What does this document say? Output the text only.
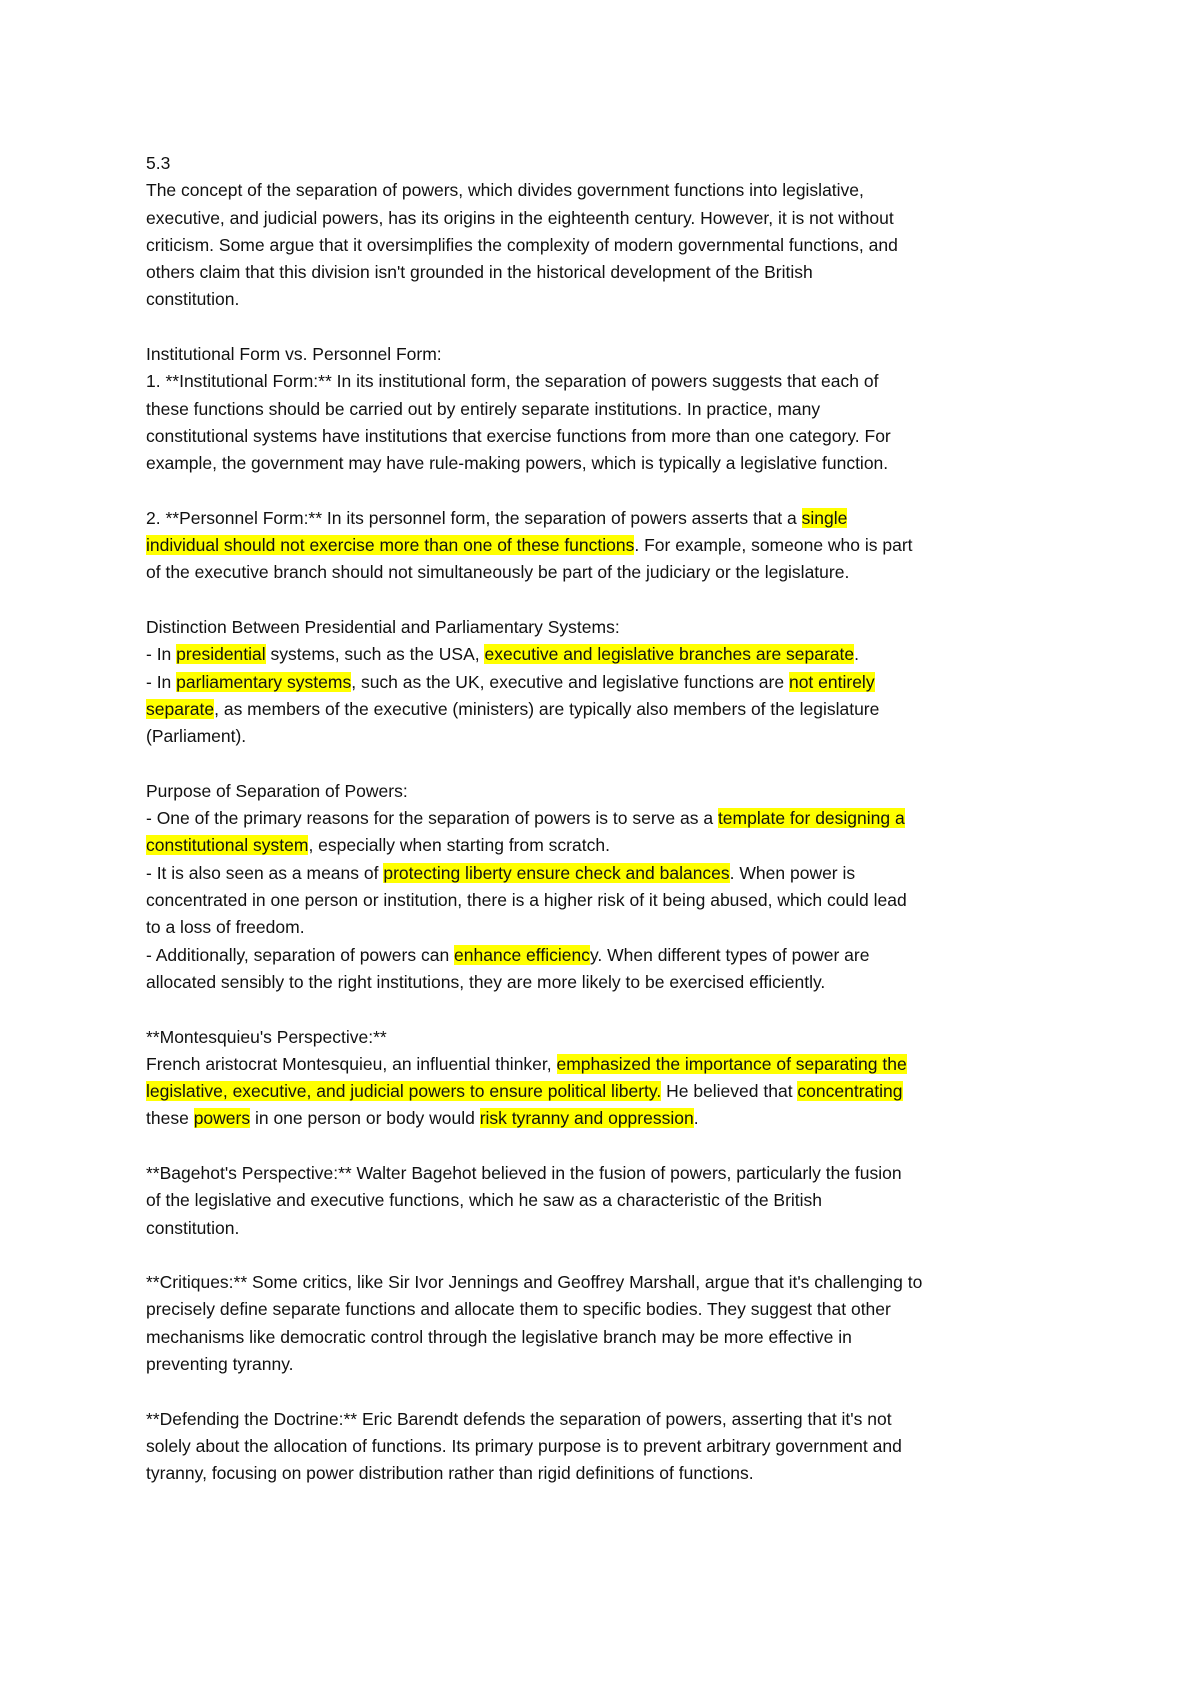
5.3
The concept of the separation of powers, which divides government functions into legislative,
executive, and judicial powers, has its origins in the eighteenth century. However, it is not without
criticism. Some argue that it oversimplifies the complexity of modern governmental functions, and
others claim that this division isn't grounded in the historical development of the British
constitution.
Institutional Form vs. Personnel Form:
1. **Institutional Form:** In its institutional form, the separation of powers suggests that each of
these functions should be carried out by entirely separate institutions. In practice, many
constitutional systems have institutions that exercise functions from more than one category. For
example, the government may have rule-making powers, which is typically a legislative function.
2. **Personnel Form:** In its personnel form, the separation of powers asserts that a single
individual should not exercise more than one of these functions. For example, someone who is part
of the executive branch should not simultaneously be part of the judiciary or the legislature.
Distinction Between Presidential and Parliamentary Systems:
- In presidential systems, such as the USA, executive and legislative branches are separate.
- In parliamentary systems, such as the UK, executive and legislative functions are not entirely
separate, as members of the executive (ministers) are typically also members of the legislature
(Parliament).
Purpose of Separation of Powers:
- One of the primary reasons for the separation of powers is to serve as a template for designing a
constitutional system, especially when starting from scratch.
- It is also seen as a means of protecting liberty ensure check and balances. When power is
concentrated in one person or institution, there is a higher risk of it being abused, which could lead
to a loss of freedom.
- Additionally, separation of powers can enhance efficiency. When different types of power are
allocated sensibly to the right institutions, they are more likely to be exercised efficiently.
**Montesquieu's Perspective:**
French aristocrat Montesquieu, an influential thinker, emphasized the importance of separating the
legislative, executive, and judicial powers to ensure political liberty. He believed that concentrating
these powers in one person or body would risk tyranny and oppression.
**Bagehot's Perspective:** Walter Bagehot believed in the fusion of powers, particularly the fusion
of the legislative and executive functions, which he saw as a characteristic of the British
constitution.
**Critiques:** Some critics, like Sir Ivor Jennings and Geoffrey Marshall, argue that it's challenging to
precisely define separate functions and allocate them to specific bodies. They suggest that other
mechanisms like democratic control through the legislative branch may be more effective in
preventing tyranny.
**Defending the Doctrine:** Eric Barendt defends the separation of powers, asserting that it's not
solely about the allocation of functions. Its primary purpose is to prevent arbitrary government and
tyranny, focusing on power distribution rather than rigid definitions of functions.
